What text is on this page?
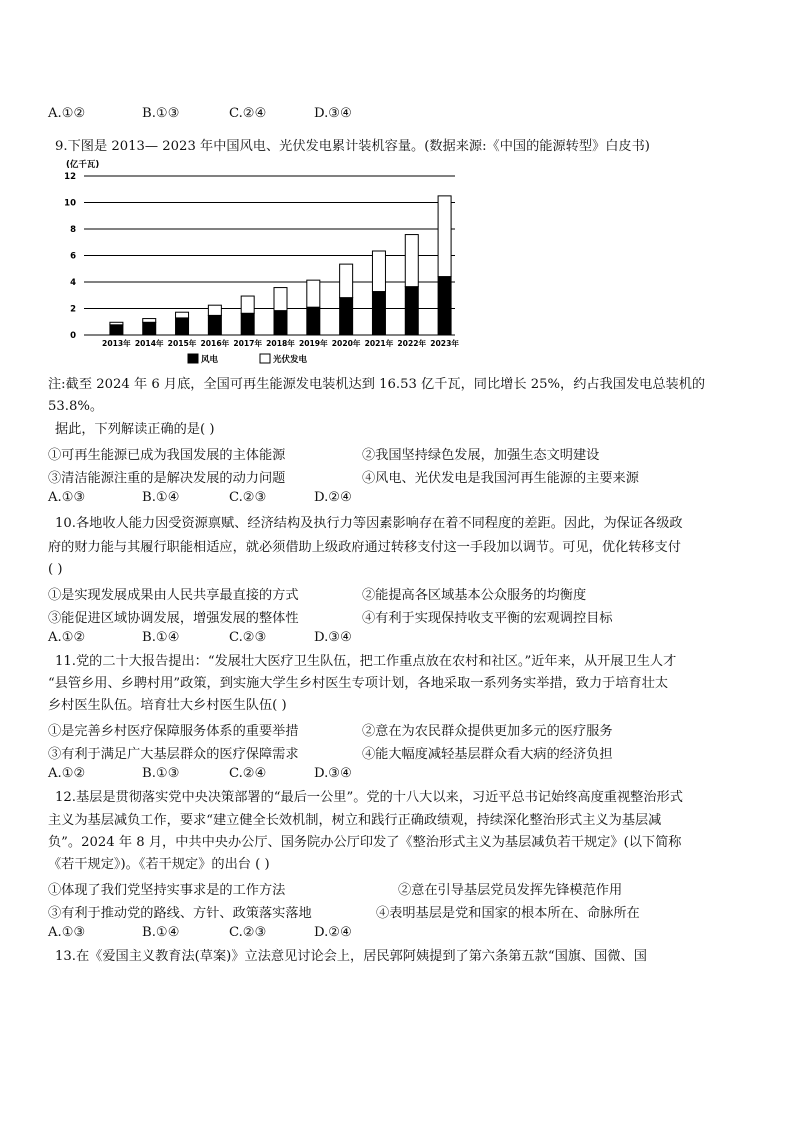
A.①②	B.①③	C.②④	D.③④
9.下图是 2013— 2023 年中国风电、光伏发电累计装机容量。(数据来源:《中国的能源转型》白皮书)
(亿千瓦)
0
2
4
6
8
10
12
2013年 2014年 2015年 2016年 2017年 2018年 2019年 2020年 2021年 2022年 2023年
风电	光伏发电
注:截至 2024 年 6 月底，全国可再生能源发电装机达到 16.53 亿千瓦，同比增长 25%，约占我国发电总装机的
53.8%。
据此，下列解读正确的是( )
①可再生能源已成为我国发展的主体能源	②我国坚持绿色发展，加强生态文明建设
③清洁能源注重的是解决发展的动力问题	④风电、光伏发电是我国河再生能源的主要来源
A.①③	B.①④	C.②③	D.②④
10.各地收人能力因受资源禀赋、经济结构及执行力等因素影响存在着不同程度的差距。因此，为保证各级政
府的财力能与其履行职能相适应，就必须借助上级政府通过转移支付这一手段加以调节。可见，优化转移支付
( )
①是实现发展成果由人民共享最直接的方式	②能提高各区域基本公众服务的均衡度
③能促进区域协调发展，增强发展的整体性	④有利于实现保持收支平衡的宏观调控目标
A.①②	B.①④	C.②③	D.③④
11.党的二十大报告提出：“发展壮大医疗卫生队伍，把工作重点放在农村和社区。”近年来，从开展卫生人才
“县管乡用、乡聘村用”政策，到实施大学生乡村医生专项计划，各地采取一系列务实举措，致力于培育壮太
乡村医生队伍。培育壮大乡村医生队伍( )
①是完善乡村医疗保障服务体系的重要举措	②意在为农民群众提供更加多元的医疗服务
③有利于满足广大基层群众的医疗保障需求	④能大幅度减轻基层群众看大病的经济负担
A.①②	B.①③	C.②④	D.③④
12.基层是贯彻落实党中央决策部署的“最后一公里”。党的十八大以来，习近平总书记始终高度重视整治形式
主义为基层减负工作，要求“建立健全长效机制，树立和践行正确政绩观，持续深化整治形式主义为基层减
负”。2024 年 8 月，中共中央办公厅、国务院办公厅印发了《整治形式主义为基层减负若干规定》(以下简称
《若干规定》)。《若干规定》的出台 ( )
①体现了我们党坚持实事求是的工作方法	②意在引导基层党员发挥先锋模范作用
③有利于推动党的路线、方针、政策落实落地	④表明基层是党和国家的根本所在、命脉所在
A.①③	B.①④	C.②③	D.②④
13.在《爱国主义教育法(草案)》立法意见讨论会上，居民郭阿姨提到了第六条第五款“国旗、国微、国
